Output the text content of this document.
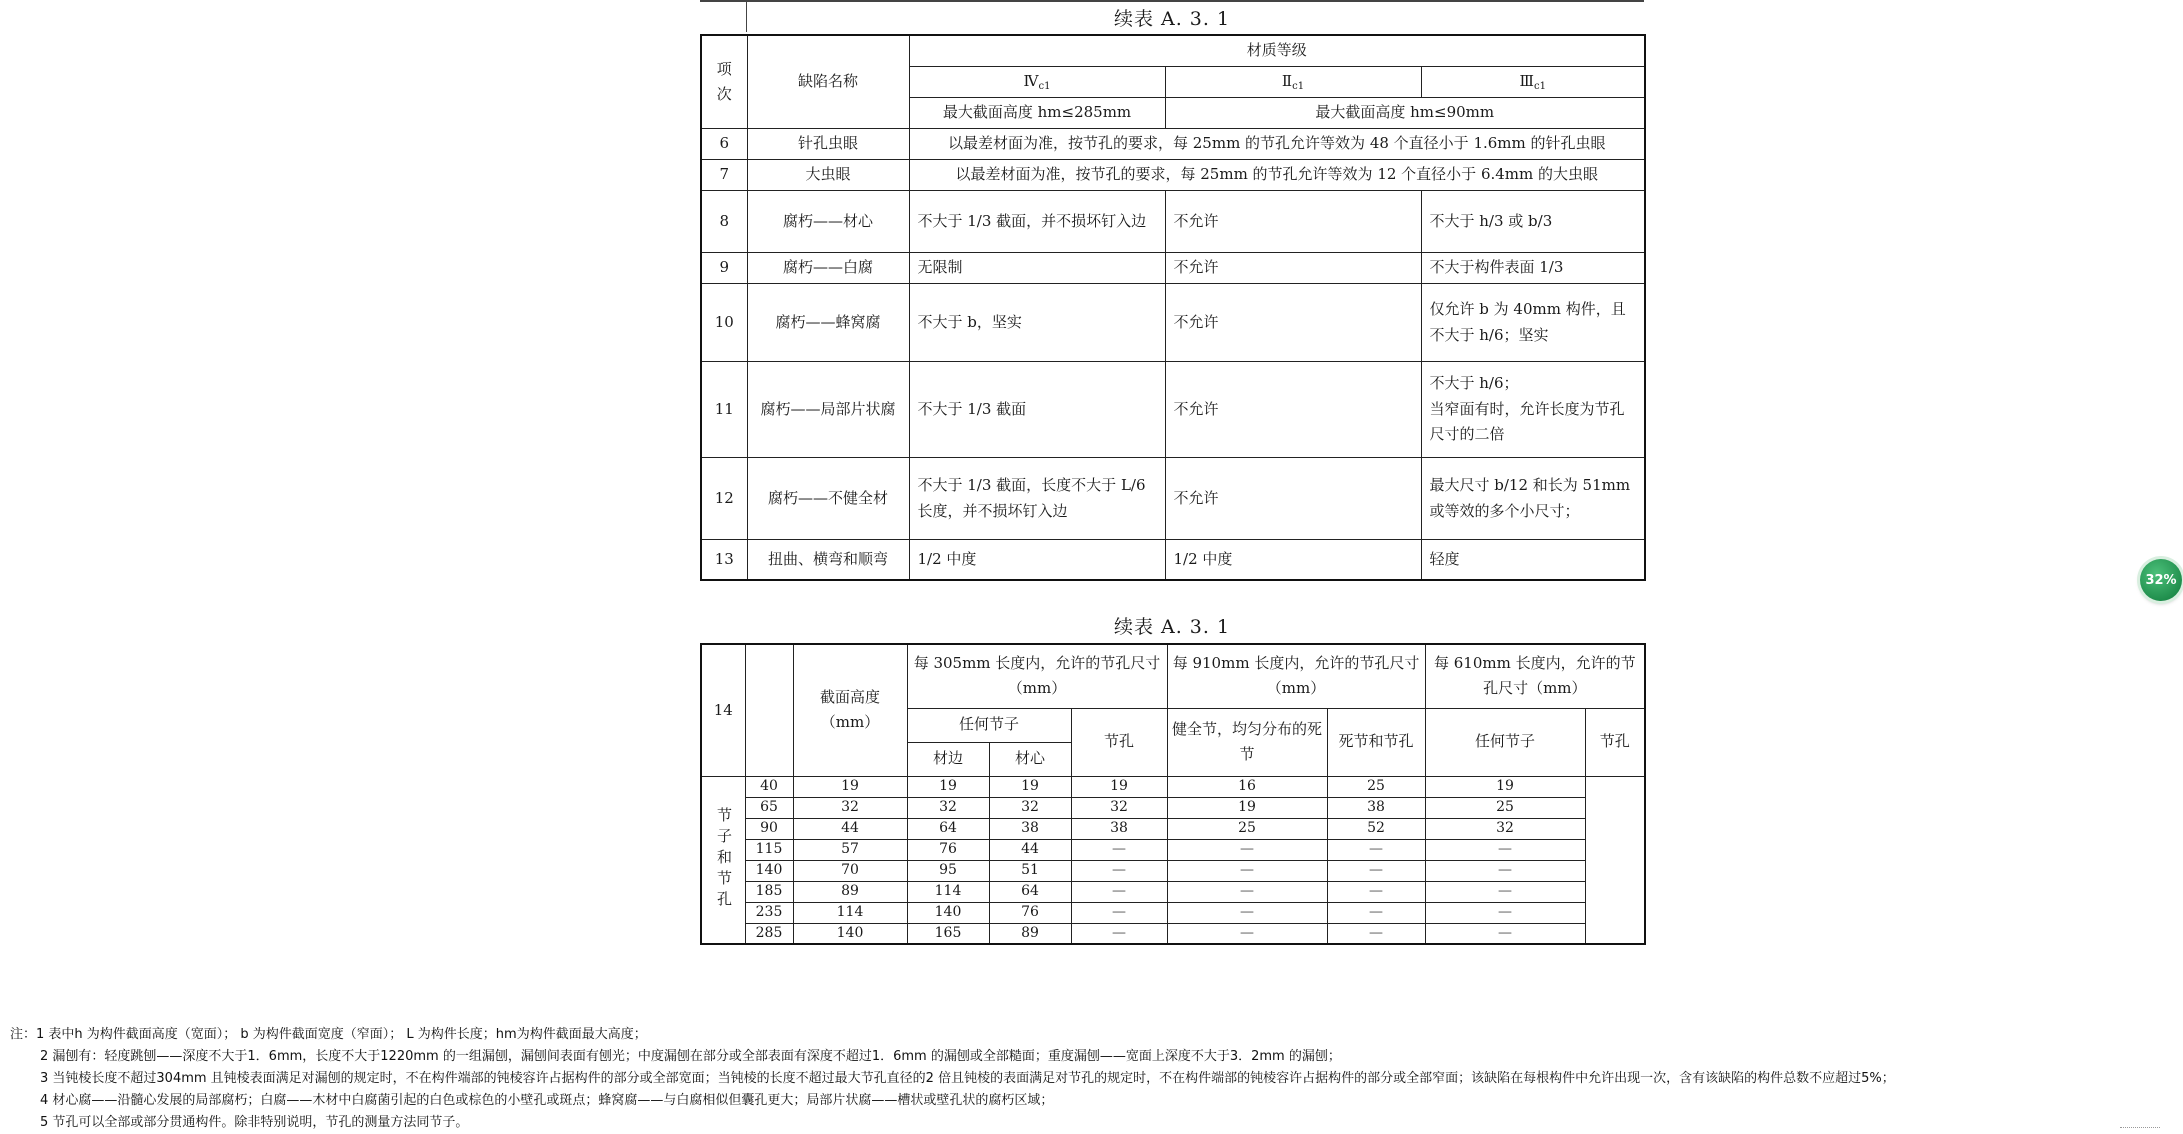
续表 A. 3. 1
项次	缺陷名称	材质等级		
		$Ⅳ_{c1}$	$Ⅱ_{c1}$	$Ⅲ_{c1}$
		最大截面高度 hm≤285mm	最大截面高度 hm≤90mm	
6	针孔虫眼	以最差材面为准，按节孔的要求，每 25mm 的节孔允许等效为 48 个直径小于 1.6mm 的针孔虫眼		
7	大虫眼	以最差材面为准，按节孔的要求，每 25mm 的节孔允许等效为 12 个直径小于 6.4mm 的大虫眼		
8	腐朽——材心	不大于 1/3 截面，并不损坏钉入边	不允许	不大于 h/3 或 b/3
9	腐朽——白腐	无限制	不允许	不大于构件表面 1/3
10	腐朽——蜂窝腐	不大于 b，坚实	不允许	仅允许 b 为 40mm 构件，且不大于 h/6；坚实
11	腐朽——局部片状腐	不大于 1/3 截面	不允许	不大于 h/6；
当窄面有时，允许长度为节孔尺寸的二倍
12	腐朽——不健全材	不大于 1/3 截面，长度不大于 L/6 长度，并不损坏钉入边	不允许	最大尺寸 b/12 和长为 51mm 或等效的多个小尺寸；
13	扭曲、横弯和顺弯	1/2 中度	1/2 中度	轻度
续表 A. 3. 1
14		截面高度（mm）	每 305mm 长度内，允许的节孔尺寸（mm）			每 910mm 长度内，允许的节孔尺寸（mm）		每 610mm 长度内，允许的节孔尺寸（mm）	
			任何节子		节孔	健全节，均匀分布的死节	死节和节孔	任何节子	节孔
			材边	材心					
节子和节孔	40	19	19	19	19	16	25	19	
	65	32	32	32	32	19	38	25	
	90	44	64	38	38	25	52	32	
	115	57	76	44	—	—	—	—	
	140	70	95	51	—	—	—	—	
	185	89	114	64	—	—	—	—	
	235	114	140	76	—	—	—	—	
	285	140	165	89	—	—	—	—	
注：1 表中h 为构件截面高度（宽面）； b 为构件截面宽度（窄面）； L 为构件长度；hm为构件截面最大高度；
2 漏刨有：轻度跳刨——深度不大于1．6mm，长度不大于1220mm 的一组漏刨，漏刨间表面有刨光；中度漏刨在部分或全部表面有深度不超过1．6mm 的漏刨或全部糙面；重度漏刨——宽面上深度不大于3．2mm 的漏刨；
3 当钝棱长度不超过304mm 且钝棱表面满足对漏刨的规定时，不在构件端部的钝棱容许占据构件的部分或全部宽面；当钝棱的长度不超过最大节孔直径的2 倍且钝棱的表面满足对节孔的规定时，不在构件端部的钝棱容许占据构件的部分或全部窄面；该缺陷在每根构件中允许出现一次，含有该缺陷的构件总数不应超过5%；
4 材心腐——沿髓心发展的局部腐朽；白腐——木材中白腐菌引起的白色或棕色的小壁孔或斑点；蜂窝腐——与白腐相似但囊孔更大；局部片状腐——槽状或壁孔状的腐朽区域；
5 节孔可以全部或部分贯通构件。除非特别说明，节孔的测量方法同节子。
32%
